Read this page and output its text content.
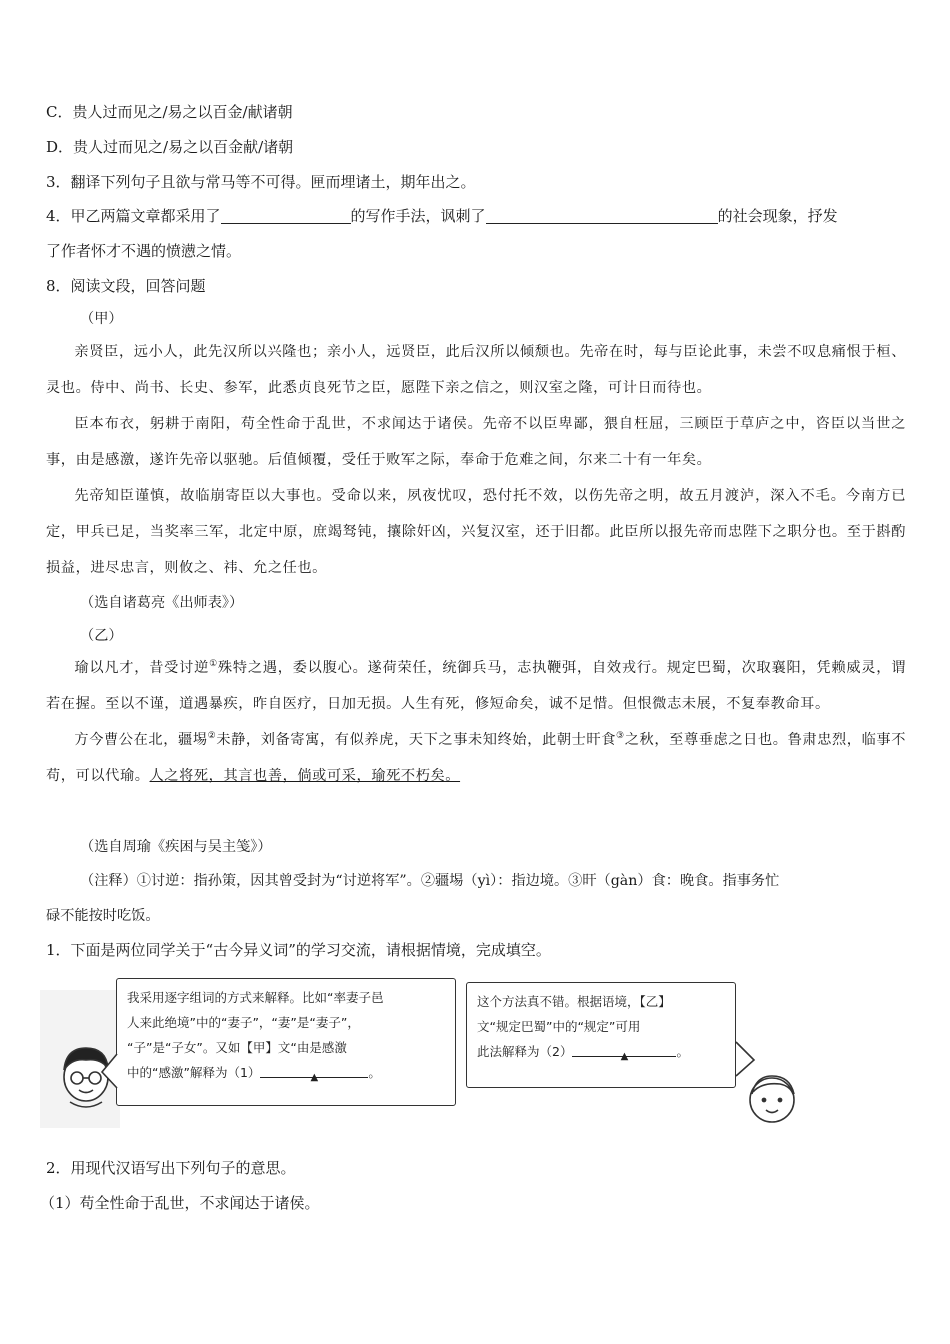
C．贵人过而见之/易之以百金/献诸朝
D．贵人过而见之/易之以百金献/诸朝
3．翻译下列句子且欲与常马等不可得。匣而埋诸土，期年出之。
4．甲乙两篇文章都采用了	的写作手法，讽刺了	的社会现象，抒发
了作者怀才不遇的愤懑之情。
8．阅读文段，回答问题
（甲）

亲贤臣，远小人，此先汉所以兴隆也；亲小人，远贤臣，此后汉所以倾颓也。先帝在时，每与臣论此事，未尝不叹息痛恨于桓、灵也。侍中、尚书、长史、参军，此悉贞良死节之臣，愿陛下亲之信之，则汉室之隆，可计日而待也。

臣本布衣，躬耕于南阳，苟全性命于乱世，不求闻达于诸侯。先帝不以臣卑鄙，猥自枉屈，三顾臣于草庐之中，咨臣以当世之事，由是感激，遂许先帝以驱驰。后值倾覆，受任于败军之际，奉命于危难之间，尔来二十有一年矣。

先帝知臣谨慎，故临崩寄臣以大事也。受命以来，夙夜忧叹，恐付托不效，以伤先帝之明，故五月渡泸，深入不毛。今南方已定，甲兵已足，当奖率三军，北定中原，庶竭驽钝，攘除奸凶，兴复汉室，还于旧都。此臣所以报先帝而忠陛下之职分也。至于斟酌损益，进尽忠言，则攸之、祎、允之任也。

（选自诸葛亮《出师表》）
（乙）

瑜以凡才，昔受讨逆①殊特之遇，委以腹心。遂荷荣任，统御兵马，志执鞭弭，自效戎行。规定巴蜀，次取襄阳，凭赖威灵，谓若在握。至以不谨，道遇暴疾，昨自医疗，日加无损。人生有死，修短命矣，诚不足惜。但恨微志未展，不复奉教命耳。

方今曹公在北，疆埸②未静，刘备寄寓，有似养虎，天下之事未知终始，此朝士旰食③之秋，至尊垂虑之日也。鲁肃忠烈，临事不苟，可以代瑜。人之将死，其言也善，倘或可采，瑜死不朽矣。

（选自周瑜《疾困与吴主笺》）
（注释）①讨逆：指孙策，因其曾受封为“讨逆将军”。②疆埸（yì）：指边境。③旰（gàn）食：晚食。指事务忙
碌不能按时吃饭。
1．下面是两位同学关于“古今异义词”的学习交流，请根据情境，完成填空。
我采用逐字组词的方式来解释。比如“率妻子邑
人来此绝境”中的“妻子”，“妻”是“妻子”，
“子”是“子女”。又如【甲】文“由是感激
中的“感激”解释为（1）	▲	。
这个方法真不错。根据语境，【乙】
文“规定巴蜀”中的“规定”可用
此法解释为（2）	▲	。
2．用现代汉语写出下列句子的意思。
（1）苟全性命于乱世，不求闻达于诸侯。
